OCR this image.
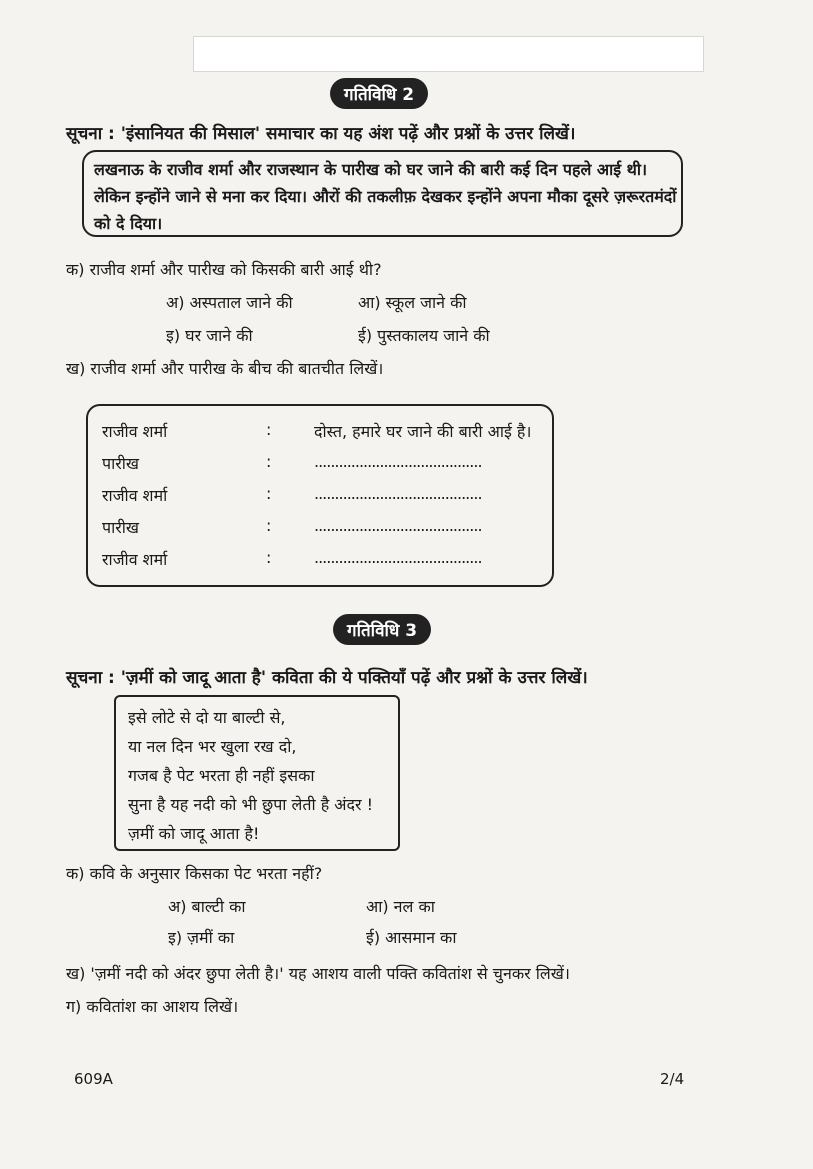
गतिविधि 2
सूचना : 'इंसानियत की मिसाल' समाचार का यह अंश पढ़ें और प्रश्नों के उत्तर लिखें।
लखनाऊ के राजीव शर्मा और राजस्थान के पारीख को घर जाने की बारी कई दिन पहले आई थी।
लेकिन इन्होंने जाने से मना कर दिया। औरों की तकलीफ़ देखकर इन्होंने अपना मौका दूसरे ज़रूरतमंदों
को दे दिया।
क) राजीव शर्मा और पारीख को किसकी बारी आई थी?
अ) अस्पताल जाने की	आ) स्कूल जाने की
इ) घर जाने की	ई) पुस्तकालय जाने की
ख) राजीव शर्मा और पारीख के बीच की बातचीत लिखें।
राजीव शर्मा	:	दोस्त, हमारे घर जाने की बारी आई है।
पारीख	:	.........................................
राजीव शर्मा	:	.........................................
पारीख	:	.........................................
राजीव शर्मा	:	.........................................
गतिविधि 3
सूचना : 'ज़मीं को जादू आता है' कविता की ये पक्तियाँ पढ़ें और प्रश्नों के उत्तर लिखें।
इसे लोटे से दो या बाल्टी से,
या नल दिन भर खुला रख दो,
गजब है पेट भरता ही नहीं इसका
सुना है यह नदी को भी छुपा लेती है अंदर !
ज़मीं को जादू आता है!
क) कवि के अनुसार किसका पेट भरता नहीं?
अ) बाल्टी का	आ) नल का
इ) ज़मीं का	ई) आसमान का
ख) 'ज़मीं नदी को अंदर छुपा लेती है।' यह आशय वाली पक्ति कवितांश से चुनकर लिखें।
ग) कवितांश का आशय लिखें।
609A	2/4
